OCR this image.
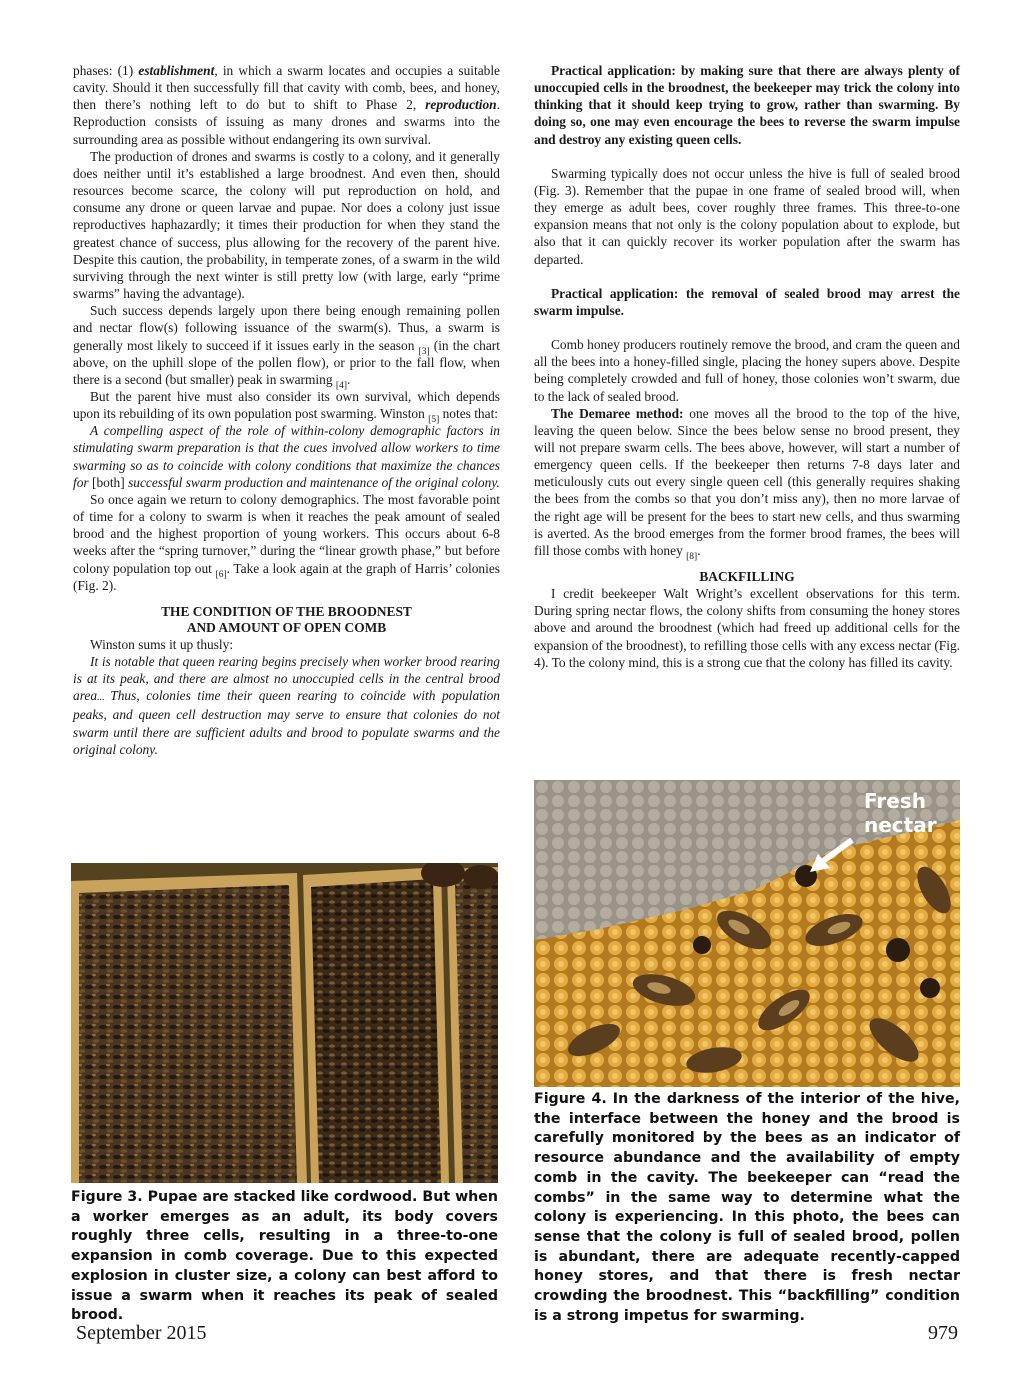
phases: (1) establishment, in which a swarm locates and occupies a suitable cavity. Should it then successfully fill that cavity with comb, bees, and honey, then there’s nothing left to do but to shift to Phase 2, reproduction. Reproduction consists of issuing as many drones and swarms into the surrounding area as possible without endangering its own survival.

The production of drones and swarms is costly to a colony, and it generally does neither until it’s established a large broodnest. And even then, should resources become scarce, the colony will put reproduction on hold, and consume any drone or queen larvae and pupae. Nor does a colony just issue reproductives haphazardly; it times their production for when they stand the greatest chance of success, plus allowing for the recovery of the parent hive. Despite this caution, the probability, in temperate zones, of a swarm in the wild surviving through the next winter is still pretty low (with large, early “prime swarms” having the advantage).

Such success depends largely upon there being enough remaining pollen and nectar flow(s) following issuance of the swarm(s). Thus, a swarm is generally most likely to succeed if it issues early in the season $_{[3]}$ (in the chart above, on the uphill slope of the pollen flow), or prior to the fall flow, when there is a second (but smaller) peak in swarming $_{[4]}$.

But the parent hive must also consider its own survival, which depends upon its rebuilding of its own population post swarming. Winston $_{[5]}$ notes that:

A compelling aspect of the role of within-colony demographic factors in stimulating swarm preparation is that the cues involved allow workers to time swarming so as to coincide with colony conditions that maximize the chances for [both] successful swarm production and maintenance of the original colony.

So once again we return to colony demographics. The most favorable point of time for a colony to swarm is when it reaches the peak amount of sealed brood and the highest proportion of young workers. This occurs about 6-8 weeks after the “spring turnover,” during the “linear growth phase,” but before colony population top out $_{[6]}$. Take a look again at the graph of Harris’ colonies (Fig. 2).

THE CONDITION OF THE BROODNEST
AND AMOUNT OF OPEN COMB

Winston sums it up thusly:

It is notable that queen rearing begins precisely when worker brood rearing is at its peak, and there are almost no unoccupied cells in the central brood area... Thus, colonies time their queen rearing to coincide with population peaks, and queen cell destruction may serve to ensure that colonies do not swarm until there are sufficient adults and brood to populate swarms and the original colony.

Practical application: by making sure that there are always plenty of unoccupied cells in the broodnest, the beekeeper may trick the colony into thinking that it should keep trying to grow, rather than swarming. By doing so, one may even encourage the bees to reverse the swarm impulse and destroy any existing queen cells.

Swarming typically does not occur unless the hive is full of sealed brood (Fig. 3). Remember that the pupae in one frame of sealed brood will, when they emerge as adult bees, cover roughly three frames. This three-to-one expansion means that not only is the colony population about to explode, but also that it can quickly recover its worker population after the swarm has departed.

Practical application: the removal of sealed brood may arrest the swarm impulse.

Comb honey producers routinely remove the brood, and cram the queen and all the bees into a honey-filled single, placing the honey supers above. Despite being completely crowded and full of honey, those colonies won’t swarm, due to the lack of sealed brood.

The Demaree method: one moves all the brood to the top of the hive, leaving the queen below. Since the bees below sense no brood present, they will not prepare swarm cells. The bees above, however, will start a number of emergency queen cells. If the beekeeper then returns 7-8 days later and meticulously cuts out every single queen cell (this generally requires shaking the bees from the combs so that you don’t miss any), then no more larvae of the right age will be present for the bees to start new cells, and thus swarming is averted. As the brood emerges from the former brood frames, the bees will fill those combs with honey $_{[8]}$.

BACKFILLING

I credit beekeeper Walt Wright’s excellent observations for this term. During spring nectar flows, the colony shifts from consuming the honey stores above and around the broodnest (which had freed up additional cells for the expansion of the broodnest), to refilling those cells with any excess nectar (Fig. 4). To the colony mind, this is a strong cue that the colony has filled its cavity.

Figure 3. Pupae are stacked like cordwood. But when a worker emerges as an adult, its body covers roughly three cells, resulting in a three-to-one expansion in comb coverage. Due to this expected explosion in cluster size, a colony can best afford to issue a swarm when it reaches its peak of sealed brood.
Fresh
nectar
Figure 4. In the darkness of the interior of the hive, the interface between the honey and the brood is carefully monitored by the bees as an indicator of resource abundance and the availability of empty comb in the cavity. The beekeeper can “read the combs” in the same way to determine what the colony is experiencing. In this photo, the bees can sense that the colony is full of sealed brood, pollen is abundant, there are adequate recently-capped honey stores, and that there is fresh nectar crowding the broodnest. This “backfilling” condition is a strong impetus for swarming.
September 2015	979
